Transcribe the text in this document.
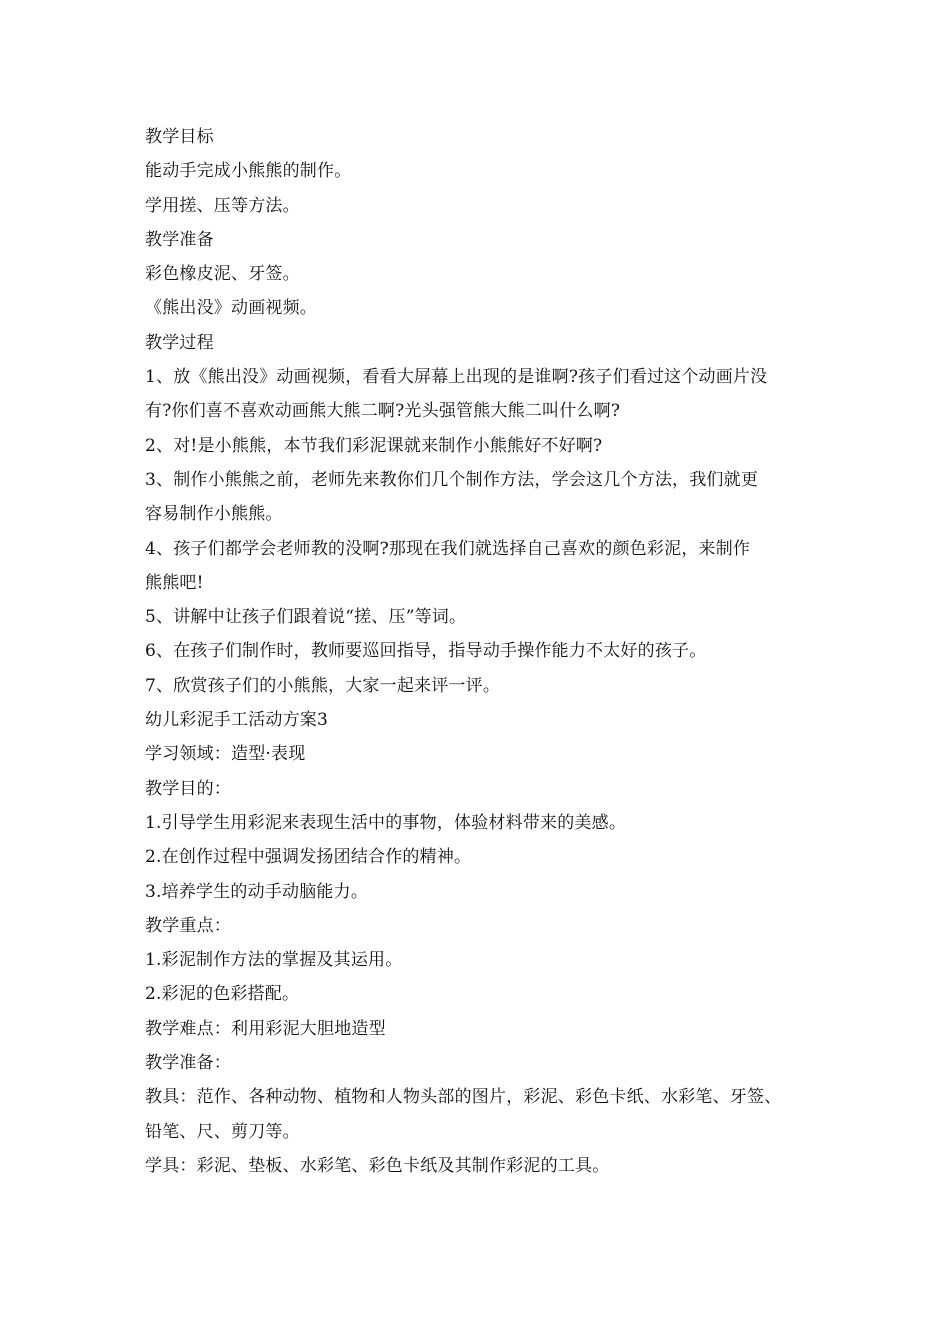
教学目标
能动手完成小熊熊的制作。
学用搓、压等方法。
教学准备
彩色橡皮泥、牙签。
《熊出没》动画视频。
教学过程
1、放《熊出没》动画视频，看看大屏幕上出现的是谁啊?孩子们看过这个动画片没
有?你们喜不喜欢动画熊大熊二啊?光头强管熊大熊二叫什么啊?
2、对!是小熊熊，本节我们彩泥课就来制作小熊熊好不好啊?
3、制作小熊熊之前，老师先来教你们几个制作方法，学会这几个方法，我们就更
容易制作小熊熊。
4、孩子们都学会老师教的没啊?那现在我们就选择自己喜欢的颜色彩泥，来制作
熊熊吧!
5、讲解中让孩子们跟着说“搓、压”等词。
6、在孩子们制作时，教师要巡回指导，指导动手操作能力不太好的孩子。
7、欣赏孩子们的小熊熊，大家一起来评一评。
幼儿彩泥手工活动方案3
学习领域：造型·表现
教学目的：
1.引导学生用彩泥来表现生活中的事物，体验材料带来的美感。
2.在创作过程中强调发扬团结合作的精神。
3.培养学生的动手动脑能力。
教学重点：
1.彩泥制作方法的掌握及其运用。
2.彩泥的色彩搭配。
教学难点：利用彩泥大胆地造型
教学准备：
教具：范作、各种动物、植物和人物头部的图片，彩泥、彩色卡纸、水彩笔、牙签、
铅笔、尺、剪刀等。
学具：彩泥、垫板、水彩笔、彩色卡纸及其制作彩泥的工具。
